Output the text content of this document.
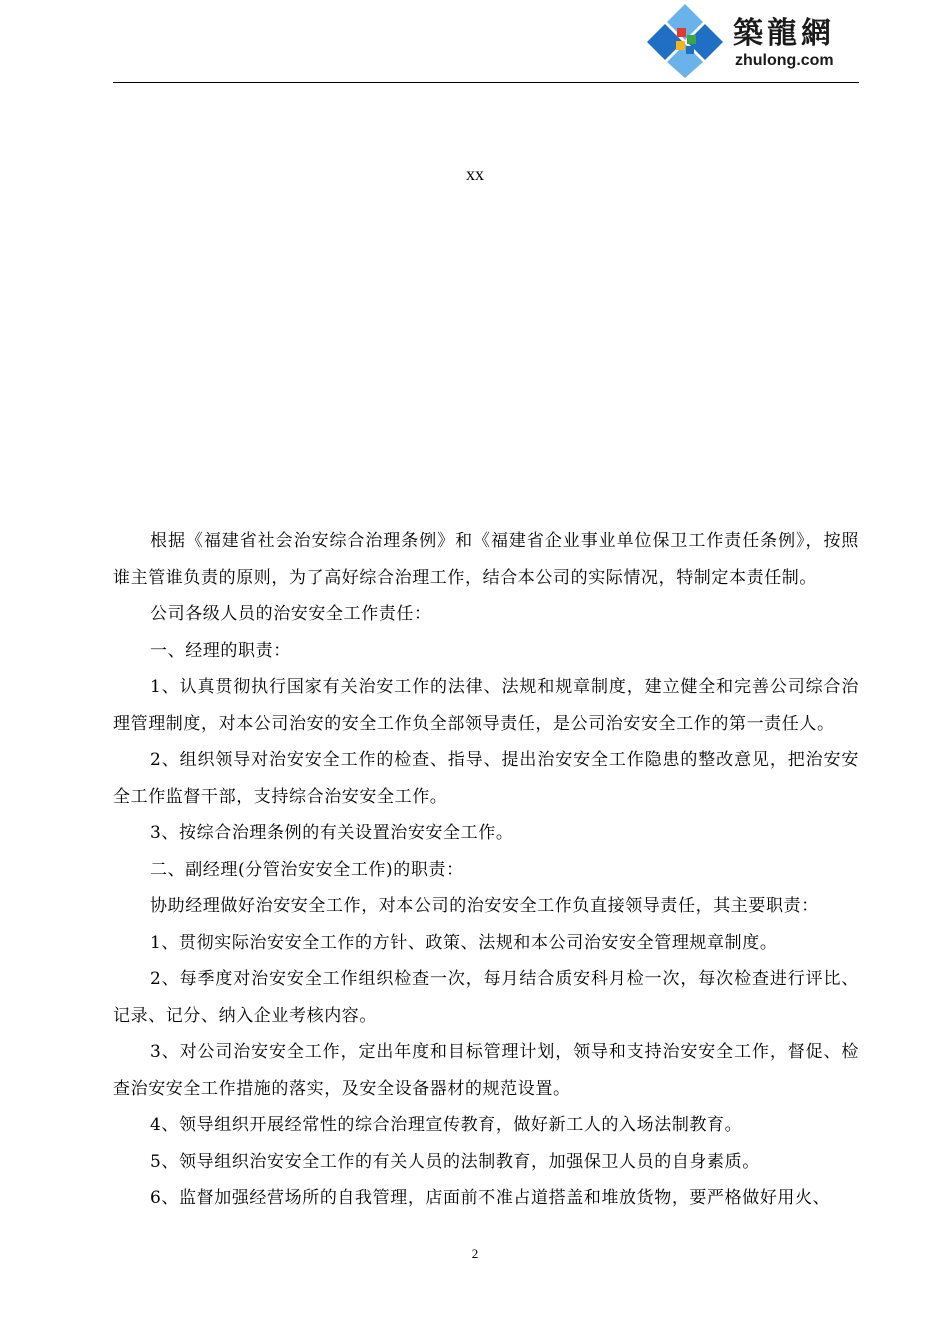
築龍網
zhulong.com
xx

根据《福建省社会治安综合治理条例》和《福建省企业事业单位保卫工作责任条例》，按照谁主管谁负责的原则，为了高好综合治理工作，结合本公司的实际情况，特制定本责任制。

公司各级人员的治安安全工作责任：

一、经理的职责：

1、认真贯彻执行国家有关治安工作的法律、法规和规章制度，建立健全和完善公司综合治理管理制度，对本公司治安的安全工作负全部领导责任，是公司治安安全工作的第一责任人。

2、组织领导对治安安全工作的检查、指导、提出治安安全工作隐患的整改意见，把治安安全工作监督干部，支持综合治安安全工作。

3、按综合治理条例的有关设置治安安全工作。

二、副经理(分管治安安全工作)的职责：

协助经理做好治安安全工作，对本公司的治安安全工作负直接领导责任，其主要职责：

1、贯彻实际治安安全工作的方针、政策、法规和本公司治安安全管理规章制度。

2、每季度对治安安全工作组织检查一次，每月结合质安科月检一次，每次检查进行评比、记录、记分、纳入企业考核内容。

3、对公司治安安全工作，定出年度和目标管理计划，领导和支持治安安全工作，督促、检查治安安全工作措施的落实，及安全设备器材的规范设置。

4、领导组织开展经常性的综合治理宣传教育，做好新工人的入场法制教育。

5、领导组织治安安全工作的有关人员的法制教育，加强保卫人员的自身素质。

6、监督加强经营场所的自我管理，店面前不准占道搭盖和堆放货物，要严格做好用火、

2
